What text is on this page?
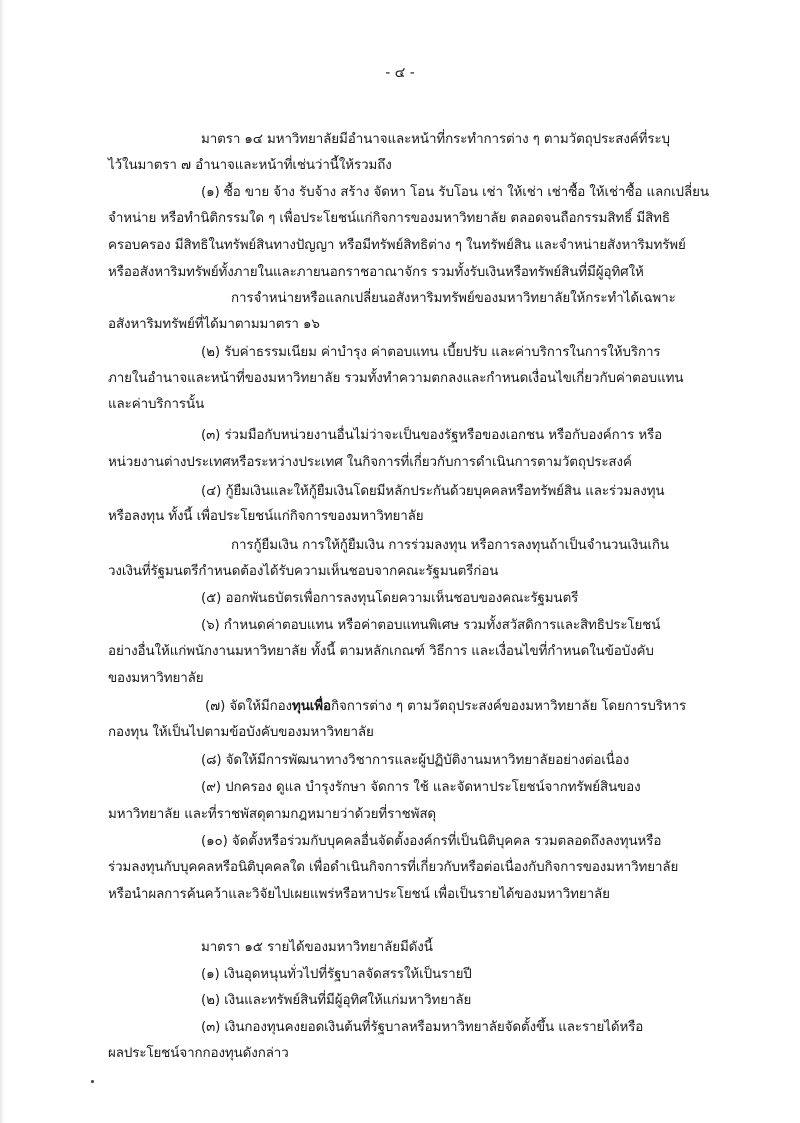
- ๔ -
มาตรา ๑๔ มหาวิทยาลัยมีอำนาจและหน้าที่กระทำการต่าง ๆ ตามวัตถุประสงค์ที่ระบุ
ไว้ในมาตรา ๗ อำนาจและหน้าที่เช่นว่านี้ให้รวมถึง
(๑) ซื้อ ขาย จ้าง รับจ้าง สร้าง จัดหา โอน รับโอน เช่า ให้เช่า เช่าซื้อ ให้เช่าซื้อ แลกเปลี่ยน
จำหน่าย หรือทำนิติกรรมใด ๆ เพื่อประโยชน์แก่กิจการของมหาวิทยาลัย ตลอดจนถือกรรมสิทธิ์ มีสิทธิ
ครอบครอง มีสิทธิในทรัพย์สินทางปัญญา หรือมีทรัพย์สิทธิต่าง ๆ ในทรัพย์สิน และจำหน่ายสังหาริมทรัพย์
หรืออสังหาริมทรัพย์ทั้งภายในและภายนอกราชอาณาจักร รวมทั้งรับเงินหรือทรัพย์สินที่มีผู้อุทิศให้
การจำหน่ายหรือแลกเปลี่ยนอสังหาริมทรัพย์ของมหาวิทยาลัยให้กระทำได้เฉพาะ
อสังหาริมทรัพย์ที่ได้มาตามมาตรา ๑๖
(๒) รับค่าธรรมเนียม ค่าบำรุง ค่าตอบแทน เบี้ยปรับ และค่าบริการในการให้บริการ
ภายในอำนาจและหน้าที่ของมหาวิทยาลัย รวมทั้งทำความตกลงและกำหนดเงื่อนไขเกี่ยวกับค่าตอบแทน
และค่าบริการนั้น
(๓) ร่วมมือกับหน่วยงานอื่นไม่ว่าจะเป็นของรัฐหรือของเอกชน หรือกับองค์การ หรือ
หน่วยงานต่างประเทศหรือระหว่างประเทศ ในกิจการที่เกี่ยวกับการดำเนินการตามวัตถุประสงค์
(๔) กู้ยืมเงินและให้กู้ยืมเงินโดยมีหลักประกันด้วยบุคคลหรือทรัพย์สิน และร่วมลงทุน
หรือลงทุน ทั้งนี้ เพื่อประโยชน์แก่กิจการของมหาวิทยาลัย
การกู้ยืมเงิน การให้กู้ยืมเงิน การร่วมลงทุน หรือการลงทุนถ้าเป็นจำนวนเงินเกิน
วงเงินที่รัฐมนตรีกำหนดต้องได้รับความเห็นชอบจากคณะรัฐมนตรีก่อน
(๕) ออกพันธบัตรเพื่อการลงทุนโดยความเห็นชอบของคณะรัฐมนตรี
(๖) กำหนดค่าตอบแทน หรือค่าตอบแทนพิเศษ รวมทั้งสวัสดิการและสิทธิประโยชน์
อย่างอื่นให้แก่พนักงานมหาวิทยาลัย ทั้งนี้ ตามหลักเกณฑ์ วิธีการ และเงื่อนไขที่กำหนดในข้อบังคับ
ของมหาวิทยาลัย
(๗) จัดให้มีกองทุนเพื่อกิจการต่าง ๆ ตามวัตถุประสงค์ของมหาวิทยาลัย โดยการบริหาร
กองทุน ให้เป็นไปตามข้อบังคับของมหาวิทยาลัย
(๘) จัดให้มีการพัฒนาทางวิชาการและผู้ปฏิบัติงานมหาวิทยาลัยอย่างต่อเนื่อง
(๙) ปกครอง ดูแล บำรุงรักษา จัดการ ใช้ และจัดหาประโยชน์จากทรัพย์สินของ
มหาวิทยาลัย และที่ราชพัสดุตามกฎหมายว่าด้วยที่ราชพัสดุ
(๑๐) จัดตั้งหรือร่วมกับบุคคลอื่นจัดตั้งองค์กรที่เป็นนิติบุคคล รวมตลอดถึงลงทุนหรือ
ร่วมลงทุนกับบุคคลหรือนิติบุคคลใด เพื่อดำเนินกิจการที่เกี่ยวกับหรือต่อเนื่องกับกิจการของมหาวิทยาลัย
หรือนำผลการค้นคว้าและวิจัยไปเผยแพร่หรือหาประโยชน์ เพื่อเป็นรายได้ของมหาวิทยาลัย
มาตรา ๑๕ รายได้ของมหาวิทยาลัยมีดังนี้
(๑) เงินอุดหนุนทั่วไปที่รัฐบาลจัดสรรให้เป็นรายปี
(๒) เงินและทรัพย์สินที่มีผู้อุทิศให้แก่มหาวิทยาลัย
(๓) เงินกองทุนคงยอดเงินต้นที่รัฐบาลหรือมหาวิทยาลัยจัดตั้งขึ้น และรายได้หรือ
ผลประโยชน์จากกองทุนดังกล่าว
